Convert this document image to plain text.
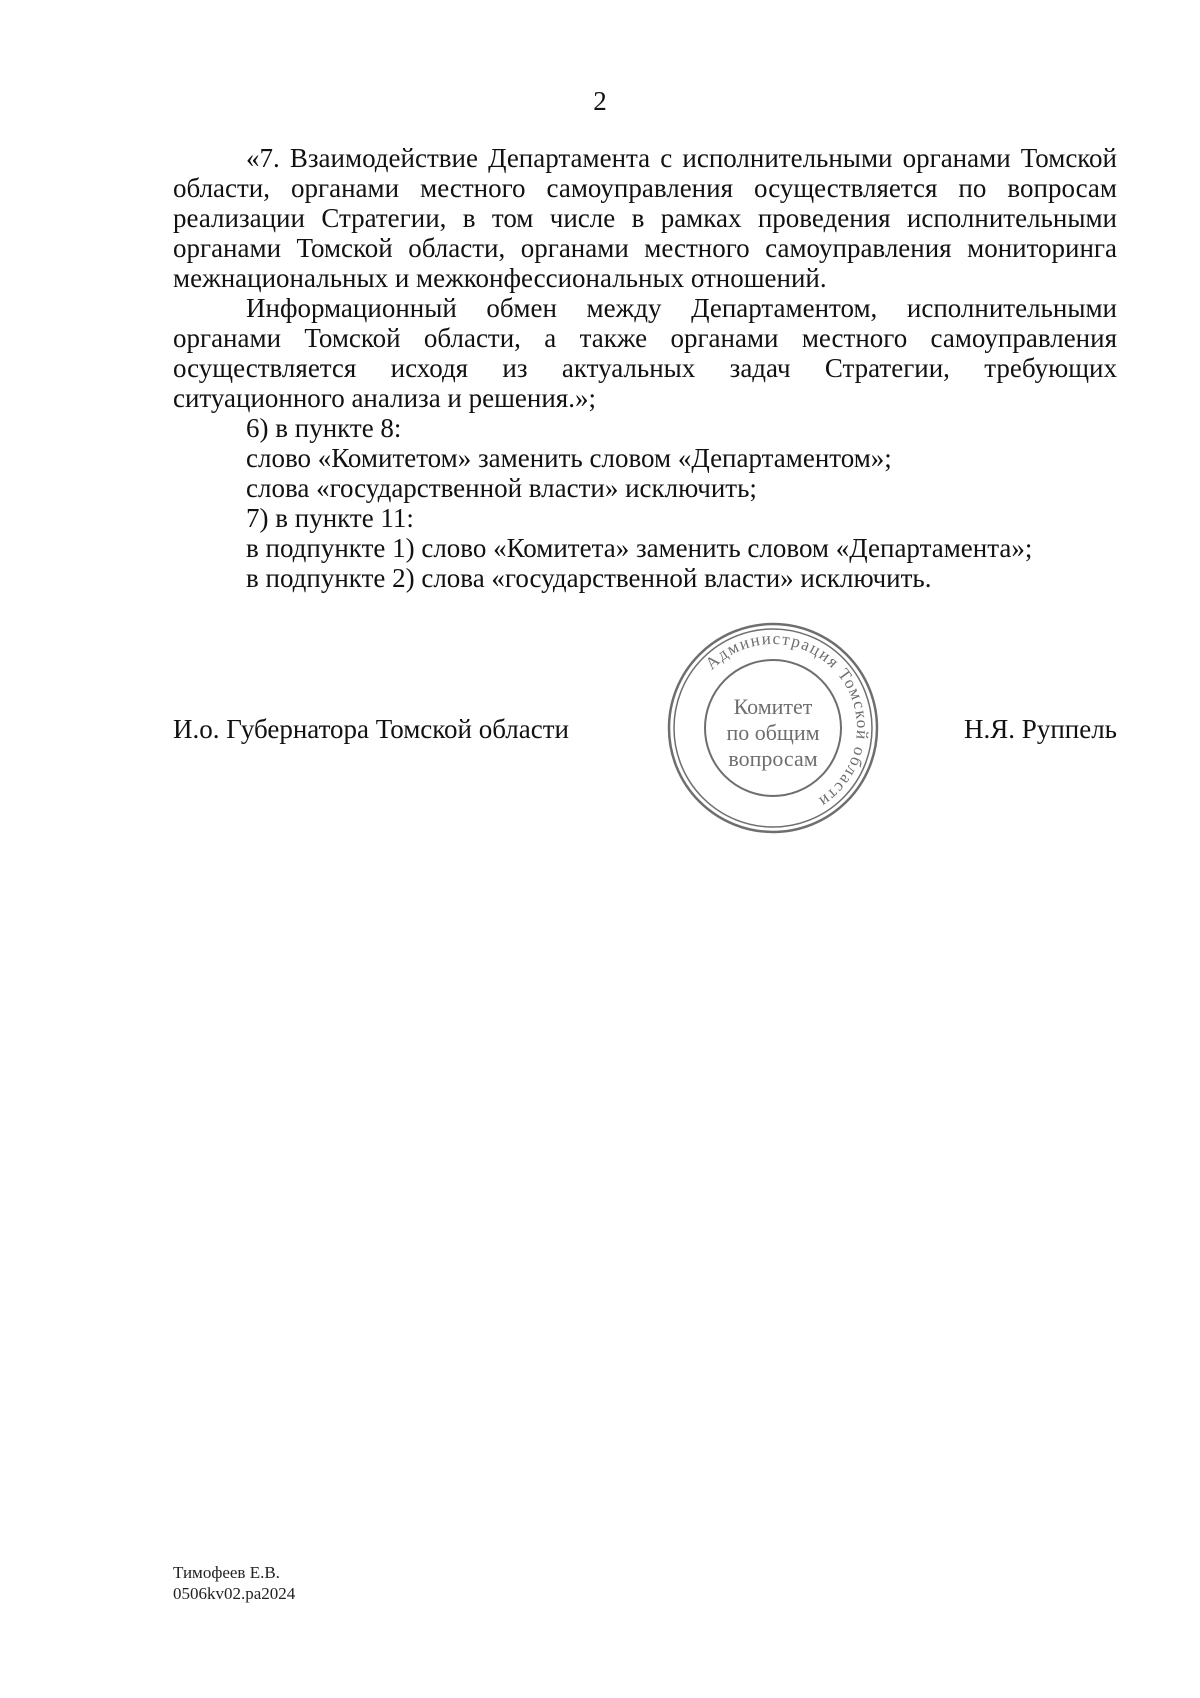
2

«7. Взаимодействие Департамента с исполнительными органами Томской области, органами местного самоуправления осуществляется по вопросам реализации Стратегии, в том числе в рамках проведения исполнительными органами Томской области, органами местного самоуправления мониторинга межнациональных и межконфессиональных отношений.

Информационный обмен между Департаментом, исполнительными органами Томской области, а также органами местного самоуправления осуществляется исходя из актуальных задач Стратегии, требующих ситуационного анализа и решения.»;

6) в пункте 8:

слово «Комитетом» заменить словом «Департаментом»;

слова «государственной власти» исключить;

7) в пункте 11:

в подпункте 1) слово «Комитета» заменить словом «Департамента»;

в подпункте 2) слова «государственной власти» исключить.

И.о. Губернатора Томской области
Администрация Томской области
Комитет
по общим
вопросам
Н.Я. Руппель
Тимофеев Е.В.
0506kv02.pa2024
